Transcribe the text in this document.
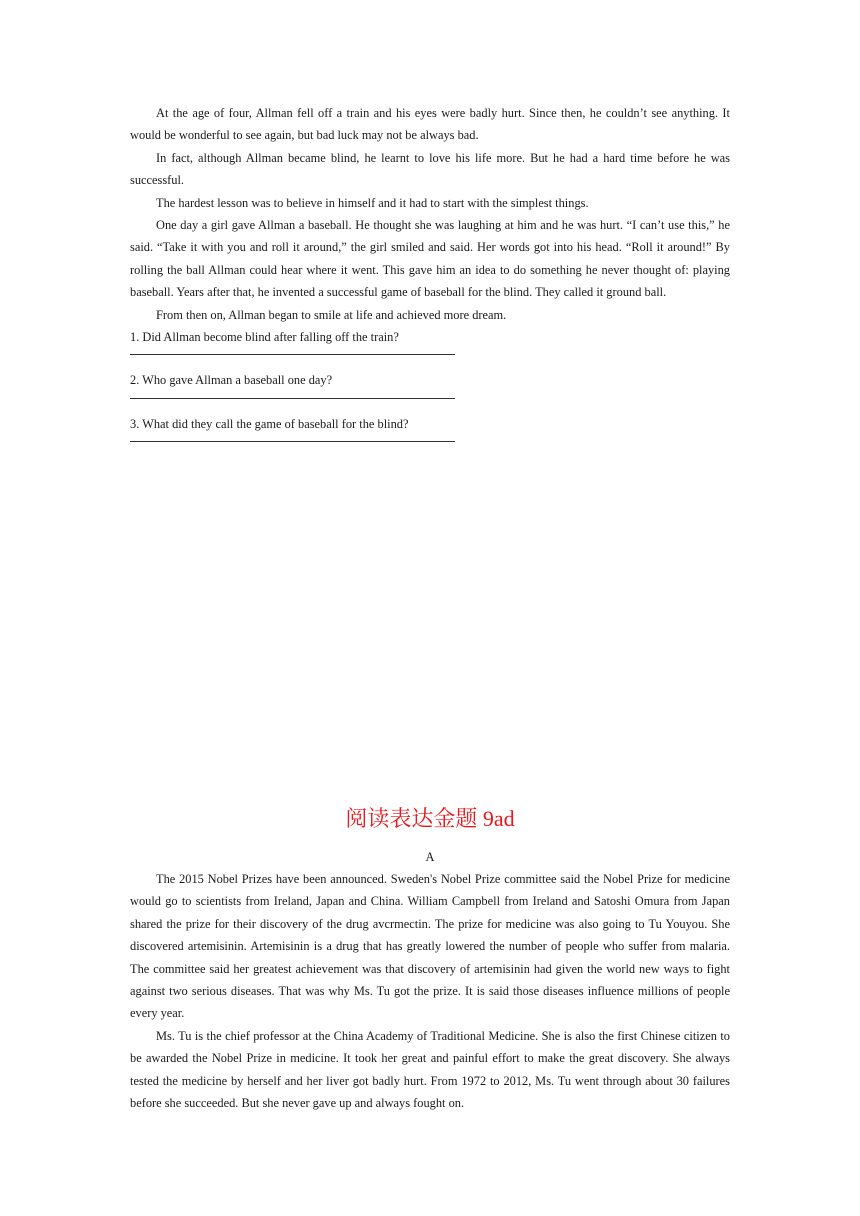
At the age of four, Allman fell off a train and his eyes were badly hurt. Since then, he couldn’t see anything. It would be wonderful to see again, but bad luck may not be always bad.

In fact, although Allman became blind, he learnt to love his life more. But he had a hard time before he was successful.

The hardest lesson was to believe in himself and it had to start with the simplest things.

One day a girl gave Allman a baseball. He thought she was laughing at him and he was hurt. “I can’t use this,” he said. “Take it with you and roll it around,” the girl smiled and said. Her words got into his head. “Roll it around!” By rolling the ball Allman could hear where it went. This gave him an idea to do something he never thought of: playing baseball. Years after that, he invented a successful game of baseball for the blind. They called it ground ball.

From then on, Allman began to smile at life and achieved more dream.

1. Did Allman become blind after falling off the train?
2. Who gave Allman a baseball one day?
3. What did they call the game of baseball for the blind?
阅读表达金题 9ad
A

The 2015 Nobel Prizes have been announced. Sweden's Nobel Prize committee said the Nobel Prize for medicine would go to scientists from Ireland, Japan and China. William Campbell from Ireland and Satoshi Omura from Japan shared the prize for their discovery of the drug avcrmectin. The prize for medicine was also going to Tu Youyou. She discovered artemisinin. Artemisinin is a drug that has greatly lowered the number of people who suffer from malaria. The committee said her greatest achievement was that discovery of artemisinin had given the world new ways to fight against two serious diseases. That was why Ms. Tu got the prize. It is said those diseases influence millions of people every year.

Ms. Tu is the chief professor at the China Academy of Traditional Medicine. She is also the first Chinese citizen to be awarded the Nobel Prize in medicine. It took her great and painful effort to make the great discovery. She always tested the medicine by herself and her liver got badly hurt. From 1972 to 2012, Ms. Tu went through about 30 failures before she succeeded. But she never gave up and always fought on.
